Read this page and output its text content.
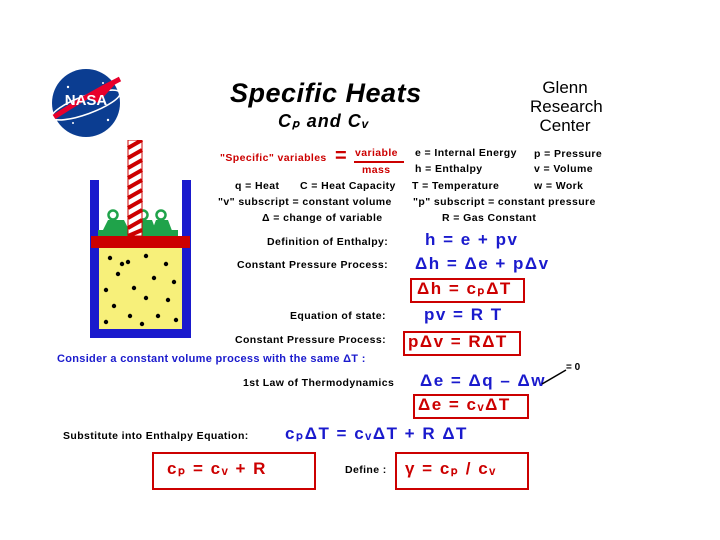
NASA	Specific Heats
Cₚ and Cᵥ
Glenn
Research
Center
"Specific" variables = variable
mass
e = Internal Energy
h = Enthalpy
p = Pressure
v = Volume
q = Heat C = Heat Capacity T = Temperature	w = Work
"v" subscript = constant volume "p" subscript = constant pressure
Δ = change of variable	R = Gas Constant
Definition of Enthalpy: h = e + pv
Constant Pressure Process: Δh = Δe + pΔv
Δh = cₚΔT
Equation of state: pv = R T
Constant Pressure Process: pΔv = RΔT
Consider a constant volume process with the same ΔT :
1st Law of Thermodynamics Δe = Δq – Δw
= 0
Δe = cᵥΔT
Substitute into Enthalpy Equation: cₚΔT = cᵥΔT + R ΔT
cₚ = cᵥ + R	Define : γ = cₚ / cᵥ
